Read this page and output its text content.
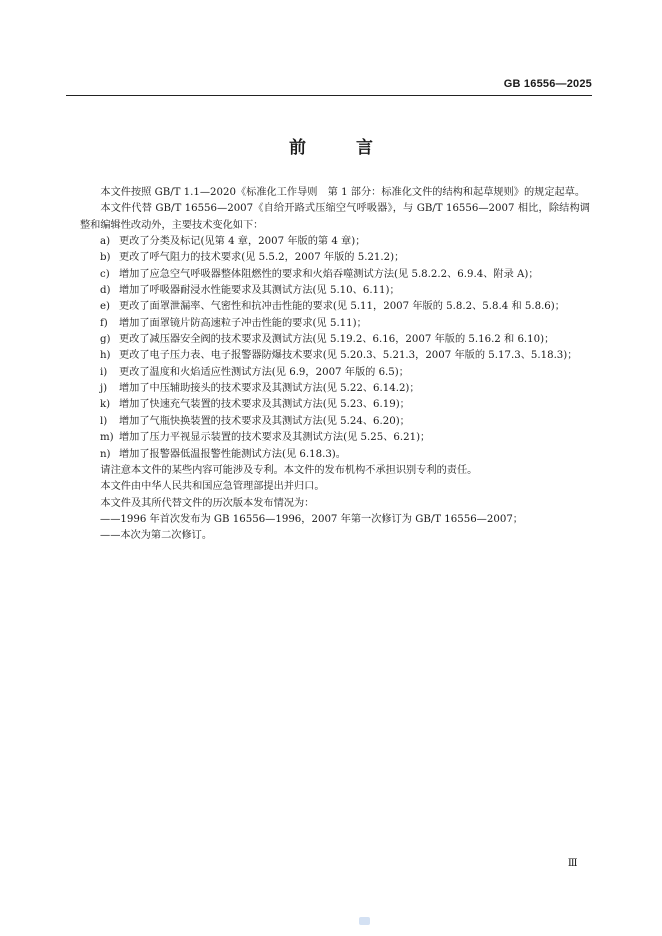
GB 16556—2025
前 言

本文件按照 GB/T 1.1—2020《标准化工作导则　第 1 部分：标准化文件的结构和起草规则》的规定起草。

本文件代替 GB/T 16556—2007《自给开路式压缩空气呼吸器》，与 GB/T 16556—2007 相比，除结构调整和编辑性改动外，主要技术变化如下：

a) 更改了分类及标记(见第 4 章，2007 年版的第 4 章)；
b) 更改了呼气阻力的技术要求(见 5.5.2，2007 年版的 5.21.2)；
c) 增加了应急空气呼吸器整体阻燃性的要求和火焰吞噬测试方法(见 5.8.2.2、6.9.4、附录 A)；
d) 增加了呼吸器耐浸水性能要求及其测试方法(见 5.10、6.11)；
e) 更改了面罩泄漏率、气密性和抗冲击性能的要求(见 5.11，2007 年版的 5.8.2、5.8.4 和 5.8.6)；
f)	增加了面罩镜片防高速粒子冲击性能的要求(见 5.11)；
g) 更改了减压器安全阀的技术要求及测试方法(见 5.19.2、6.16，2007 年版的 5.16.2 和 6.10)；
h) 更改了电子压力表、电子报警器防爆技术要求(见 5.20.3、5.21.3，2007 年版的 5.17.3、5.18.3)；
i)	更改了温度和火焰适应性测试方法(见 6.9，2007 年版的 6.5)；
j)	增加了中压辅助接头的技术要求及其测试方法(见 5.22、6.14.2)；
k) 增加了快速充气装置的技术要求及其测试方法(见 5.23、6.19)；
l)	增加了气瓶快换装置的技术要求及其测试方法(见 5.24、6.20)；
m) 增加了压力平视显示装置的技术要求及其测试方法(见 5.25、6.21)；
n) 增加了报警器低温报警性能测试方法(见 6.18.3)。

请注意本文件的某些内容可能涉及专利。本文件的发布机构不承担识别专利的责任。

本文件由中华人民共和国应急管理部提出并归口。

本文件及其所代替文件的历次版本发布情况为：

——1996 年首次发布为 GB 16556—1996，2007 年第一次修订为 GB/T 16556—2007；

——本次为第二次修订。

Ⅲ
